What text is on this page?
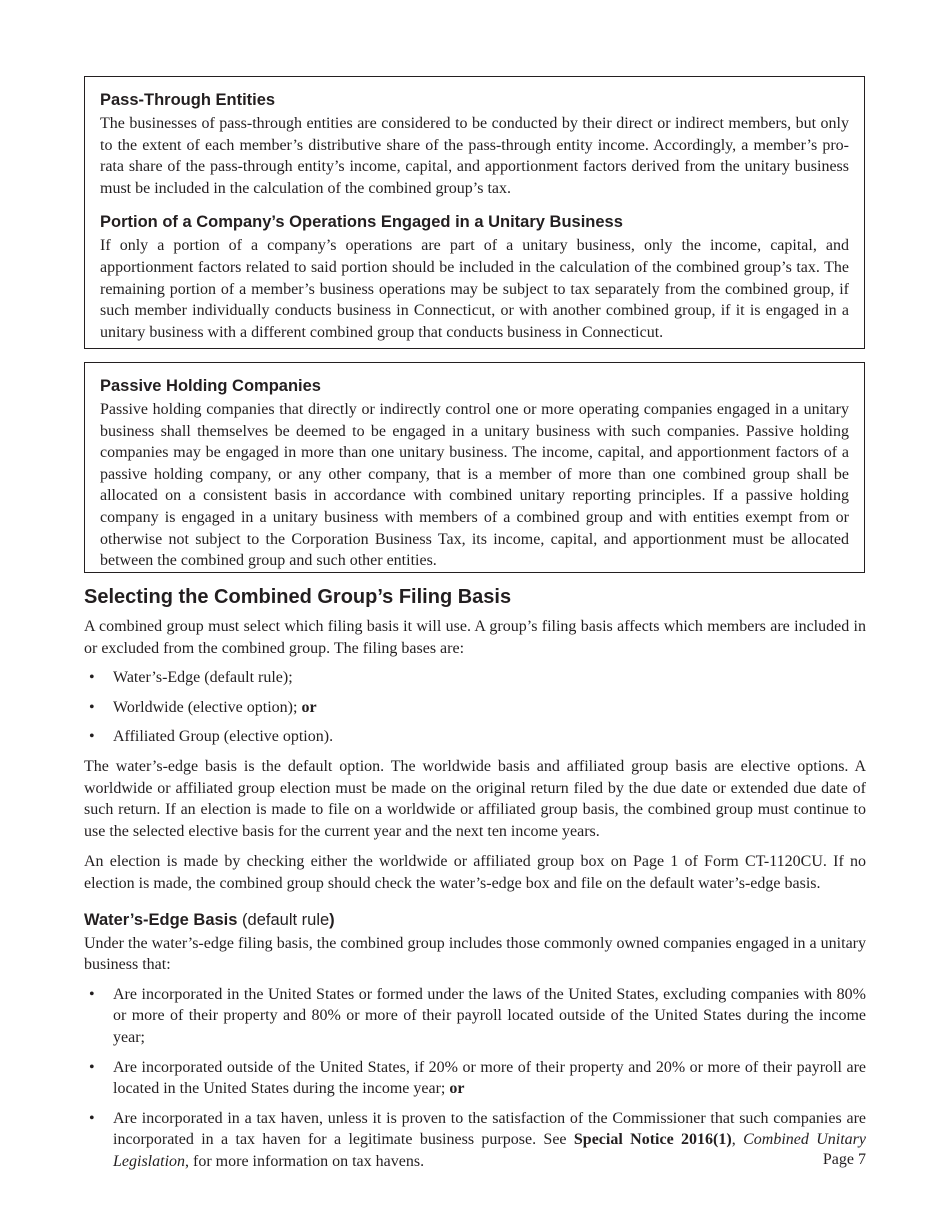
Pass-Through Entities

The businesses of pass-through entities are considered to be conducted by their direct or indirect members, but only to the extent of each member’s distributive share of the pass-through entity income. Accordingly, a member’s pro-rata share of the pass-through entity’s income, capital, and apportionment factors derived from the unitary business must be included in the calculation of the combined group’s tax.

Portion of a Company’s Operations Engaged in a Unitary Business

If only a portion of a company’s operations are part of a unitary business, only the income, capital, and apportionment factors related to said portion should be included in the calculation of the combined group’s tax. The remaining portion of a member’s business operations may be subject to tax separately from the combined group, if such member individually conducts business in Connecticut, or with another combined group, if it is engaged in a unitary business with a different combined group that conducts business in Connecticut.

Passive Holding Companies

Passive holding companies that directly or indirectly control one or more operating companies engaged in a unitary business shall themselves be deemed to be engaged in a unitary business with such companies. Passive holding companies may be engaged in more than one unitary business. The income, capital, and apportionment factors of a passive holding company, or any other company, that is a member of more than one combined group shall be allocated on a consistent basis in accordance with combined unitary reporting principles. If a passive holding company is engaged in a unitary business with members of a combined group and with entities exempt from or otherwise not subject to the Corporation Business Tax, its income, capital, and apportionment must be allocated between the combined group and such other entities.

Selecting the Combined Group’s Filing Basis

A combined group must select which filing basis it will use. A group’s filing basis affects which members are included in or excluded from the combined group. The filing bases are:

• Water’s-Edge (default rule);
• Worldwide (elective option); or
• Affiliated Group (elective option).

The water’s-edge basis is the default option. The worldwide basis and affiliated group basis are elective options. A worldwide or affiliated group election must be made on the original return filed by the due date or extended due date of such return. If an election is made to file on a worldwide or affiliated group basis, the combined group must continue to use the selected elective basis for the current year and the next ten income years.

An election is made by checking either the worldwide or affiliated group box on Page 1 of Form CT-1120CU. If no election is made, the combined group should check the water’s-edge box and file on the default water’s-edge basis.

Water’s-Edge Basis (default rule)

Under the water’s-edge filing basis, the combined group includes those commonly owned companies engaged in a unitary business that:

• Are incorporated in the United States or formed under the laws of the United States, excluding companies with 80% or more of their property and 80% or more of their payroll located outside of the United States during the income year;
• Are incorporated outside of the United States, if 20% or more of their property and 20% or more of their payroll are located in the United States during the income year; or
• Are incorporated in a tax haven, unless it is proven to the satisfaction of the Commissioner that such companies are incorporated in a tax haven for a legitimate business purpose. See Special Notice 2016(1), Combined Unitary Legislation, for more information on tax havens.	Page 7
